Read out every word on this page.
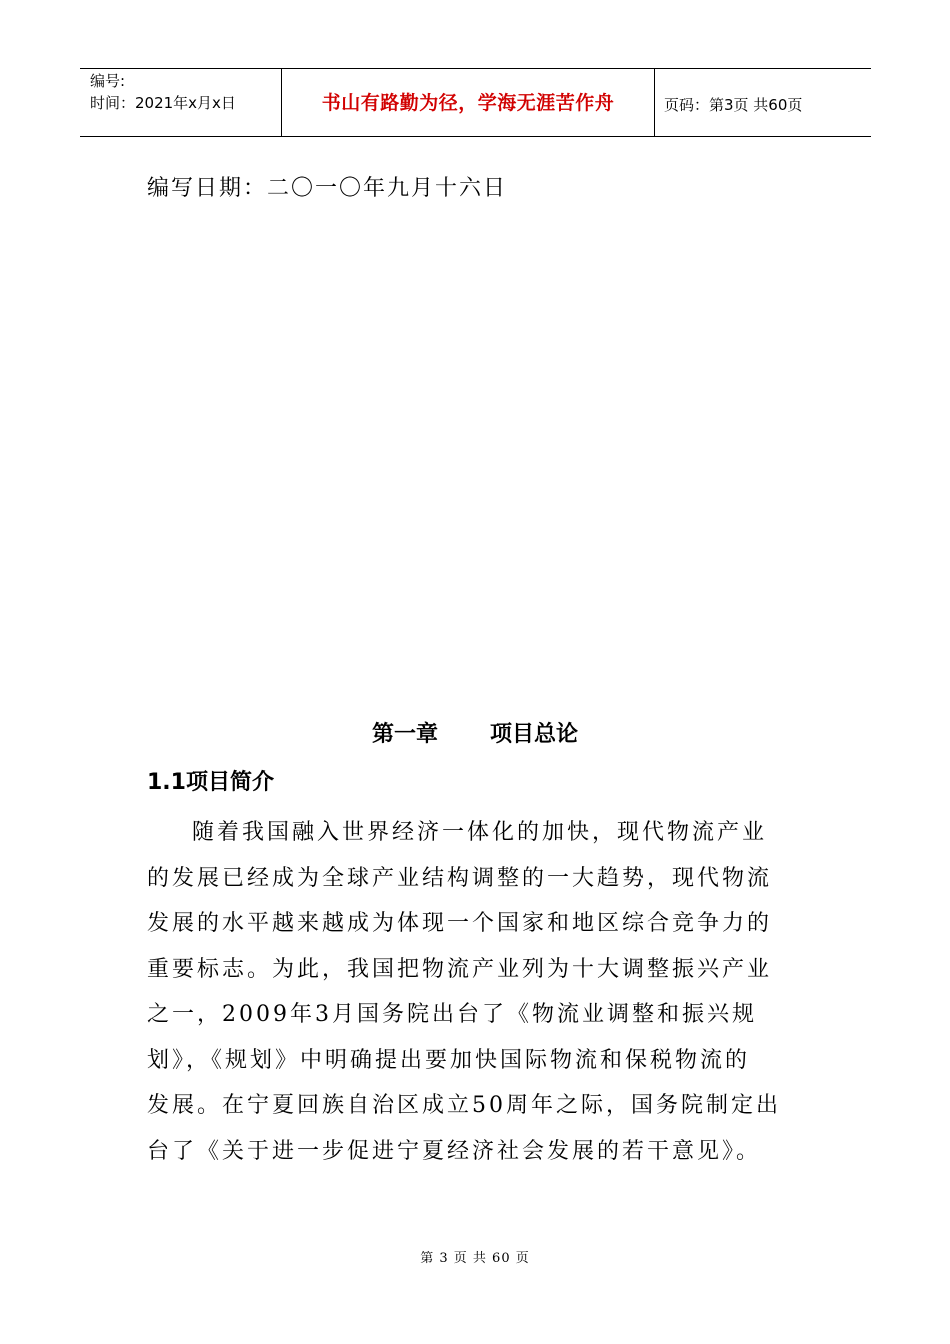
编号:
时间：2021年x月x日	书山有路勤为径，学海无涯苦作舟	页码：第3页 共60页
编写日期：二〇一〇年九月十六日
第一章 项目总论
1.1项目简介
随着我国融入世界经济一体化的加快，现代物流产业
的发展已经成为全球产业结构调整的一大趋势，现代物流
发展的水平越来越成为体现一个国家和地区综合竞争力的
重要标志。为此，我国把物流产业列为十大调整振兴产业
之一，2009年3月国务院出台了《物流业调整和振兴规
划》，《规划》中明确提出要加快国际物流和保税物流的
发展。在宁夏回族自治区成立50周年之际，国务院制定出
台了《关于进一步促进宁夏经济社会发展的若干意见》。
第 3 页 共 60 页
